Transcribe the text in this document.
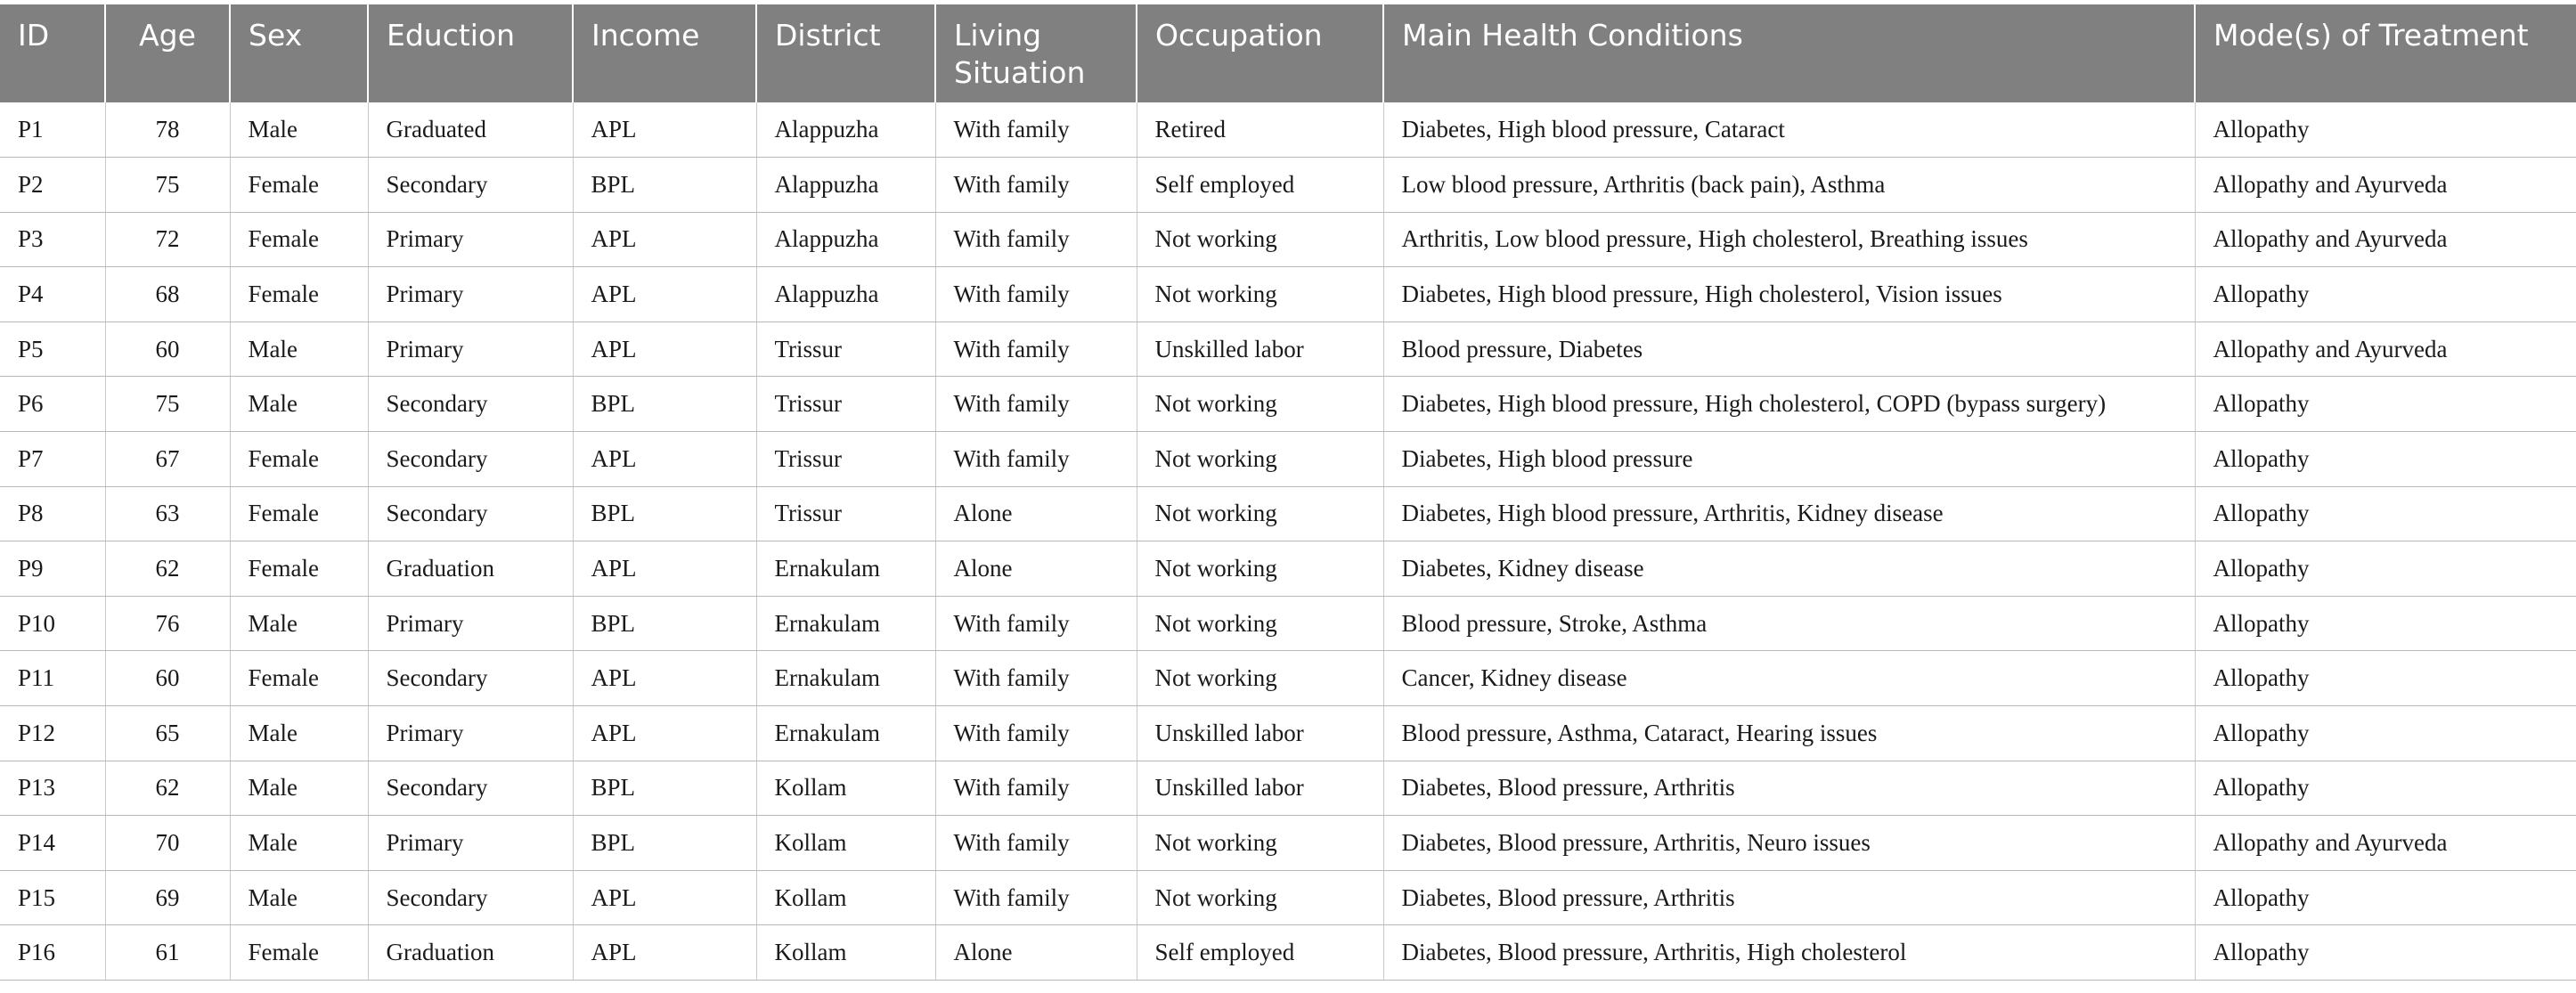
ID	Age	Sex	Eduction	Income	District	Living Situation	Occupation	Main Health Conditions	Mode(s) of Treatment
P1	78	Male	Graduated	APL	Alappuzha	With family	Retired	Diabetes, High blood pressure, Cataract	Allopathy
P2	75	Female	Secondary	BPL	Alappuzha	With family	Self employed	Low blood pressure, Arthritis (back pain), Asthma	Allopathy and Ayurveda
P3	72	Female	Primary	APL	Alappuzha	With family	Not working	Arthritis, Low blood pressure, High cholesterol, Breathing issues	Allopathy and Ayurveda
P4	68	Female	Primary	APL	Alappuzha	With family	Not working	Diabetes, High blood pressure, High cholesterol, Vision issues	Allopathy
P5	60	Male	Primary	APL	Trissur	With family	Unskilled labor	Blood pressure, Diabetes	Allopathy and Ayurveda
P6	75	Male	Secondary	BPL	Trissur	With family	Not working	Diabetes, High blood pressure, High cholesterol, COPD (bypass surgery)	Allopathy
P7	67	Female	Secondary	APL	Trissur	With family	Not working	Diabetes, High blood pressure	Allopathy
P8	63	Female	Secondary	BPL	Trissur	Alone	Not working	Diabetes, High blood pressure, Arthritis, Kidney disease	Allopathy
P9	62	Female	Graduation	APL	Ernakulam	Alone	Not working	Diabetes, Kidney disease	Allopathy
P10	76	Male	Primary	BPL	Ernakulam	With family	Not working	Blood pressure, Stroke, Asthma	Allopathy
P11	60	Female	Secondary	APL	Ernakulam	With family	Not working	Cancer, Kidney disease	Allopathy
P12	65	Male	Primary	APL	Ernakulam	With family	Unskilled labor	Blood pressure, Asthma, Cataract, Hearing issues	Allopathy
P13	62	Male	Secondary	BPL	Kollam	With family	Unskilled labor	Diabetes, Blood pressure, Arthritis	Allopathy
P14	70	Male	Primary	BPL	Kollam	With family	Not working	Diabetes, Blood pressure, Arthritis, Neuro issues	Allopathy and Ayurveda
P15	69	Male	Secondary	APL	Kollam	With family	Not working	Diabetes, Blood pressure, Arthritis	Allopathy
P16	61	Female	Graduation	APL	Kollam	Alone	Self employed	Diabetes, Blood pressure, Arthritis, High cholesterol	Allopathy
